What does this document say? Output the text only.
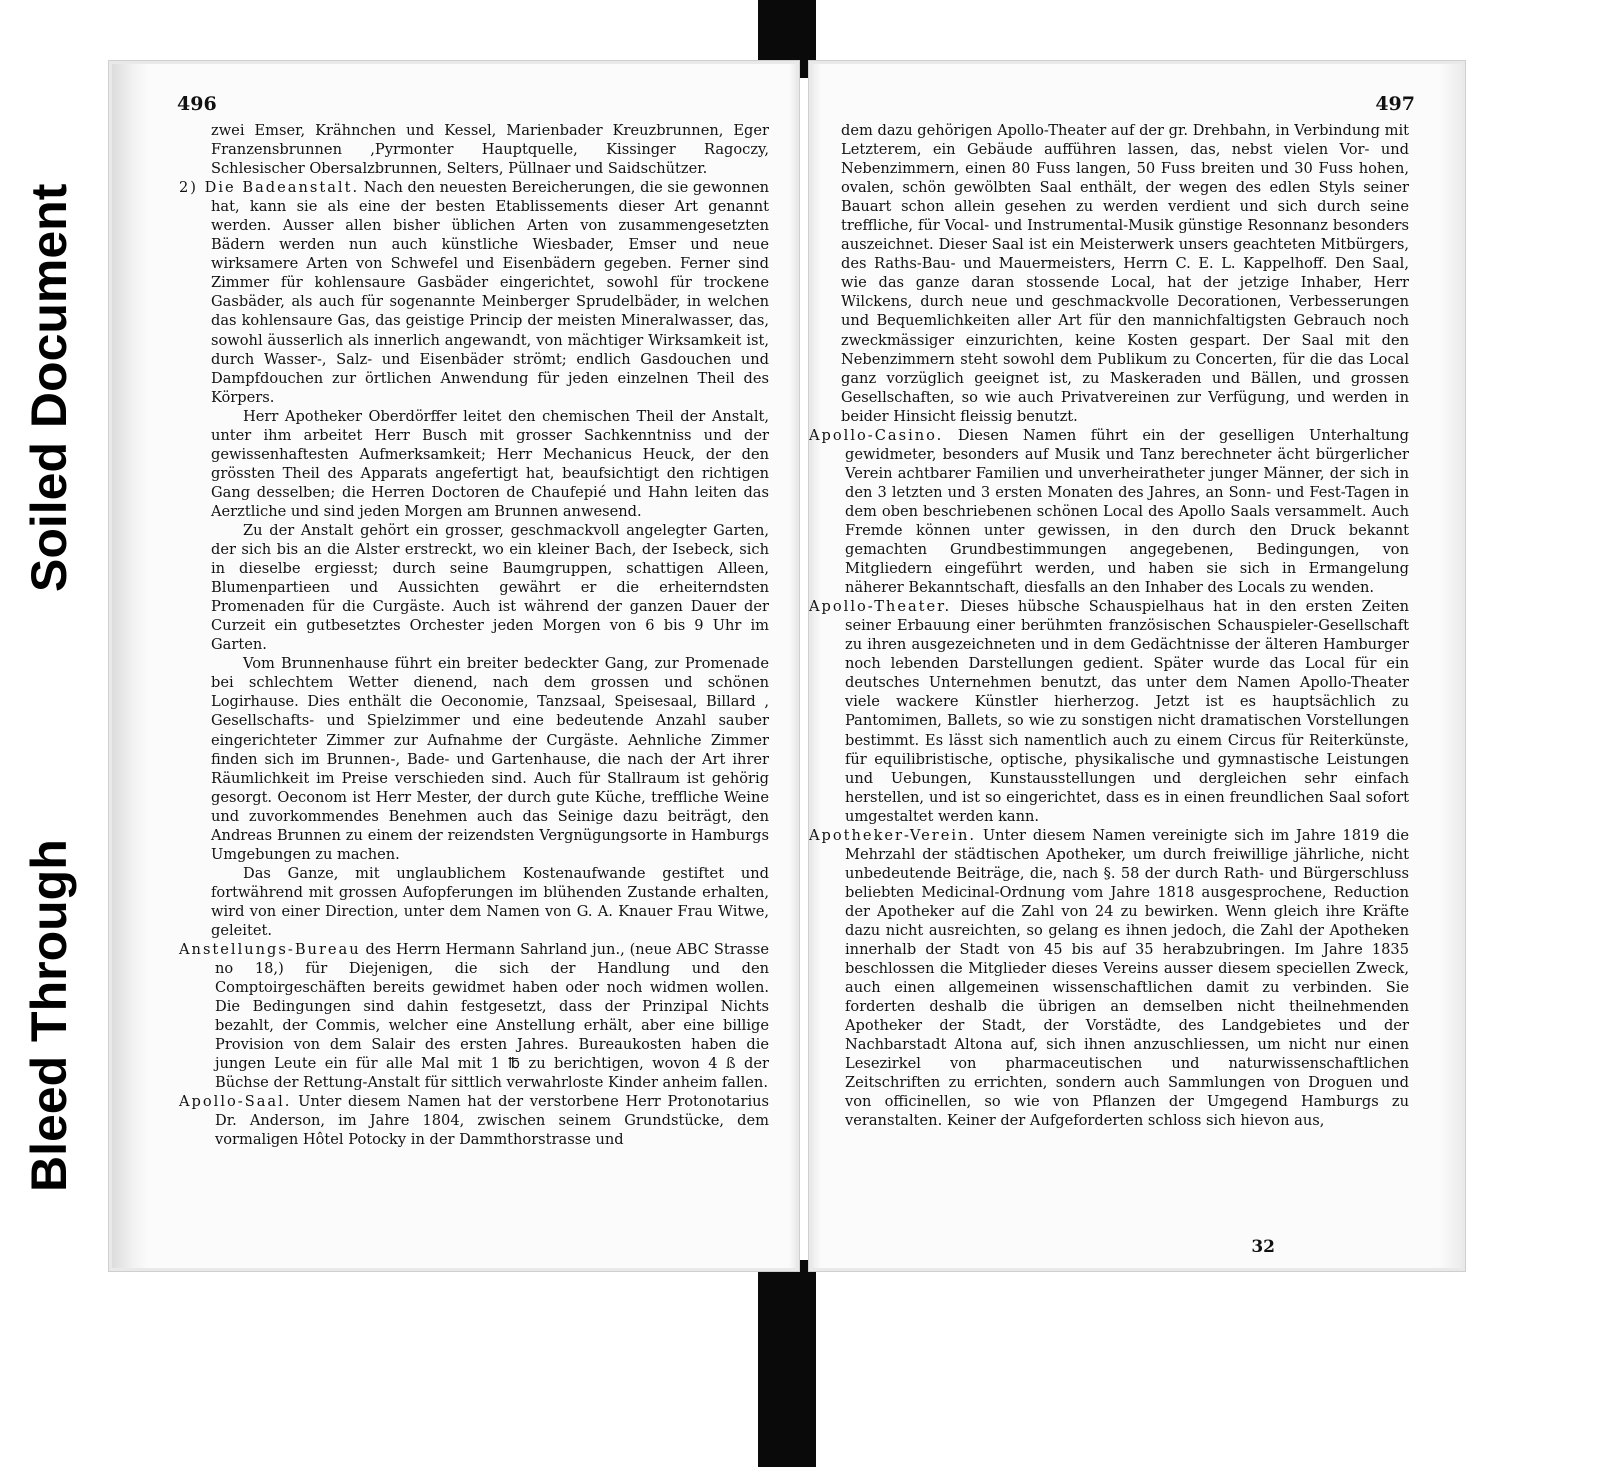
Soiled Document
Bleed Through
496

zwei Emser, Krähnchen und Kessel, Marienbader Kreuzbrunnen, Eger Franzensbrunnen ,Pyrmonter Hauptquelle, Kissinger Ragoczy, Schlesischer Obersalzbrunnen, Selters, Püllnaer und Saidschützer.

2) Die Badeanstalt. Nach den neuesten Bereicherungen, die sie gewonnen hat, kann sie als eine der besten Etablissements dieser Art genannt werden. Ausser allen bisher üblichen Arten von zusammengesetzten Bädern werden nun auch künstliche Wiesbader, Emser und neue wirksamere Arten von Schwefel und Eisenbädern gegeben. Ferner sind Zimmer für kohlensaure Gasbäder eingerichtet, sowohl für trockene Gasbäder, als auch für sogenannte Meinberger Sprudelbäder, in welchen das kohlensaure Gas, das geistige Princip der meisten Mineralwasser, das, sowohl äusserlich als innerlich angewandt, von mächtiger Wirksamkeit ist, durch Wasser-, Salz- und Eisenbäder strömt; endlich Gasdouchen und Dampfdouchen zur örtlichen Anwendung für jeden einzelnen Theil des Körpers.

Herr Apotheker Oberdörffer leitet den chemischen Theil der Anstalt, unter ihm arbeitet Herr Busch mit grosser Sachkenntniss und der gewissenhaftesten Aufmerksamkeit; Herr Mechanicus Heuck, der den grössten Theil des Apparats angefertigt hat, beaufsichtigt den richtigen Gang desselben; die Herren Doctoren de Chaufepié und Hahn leiten das Aerztliche und sind jeden Morgen am Brunnen anwesend.

Zu der Anstalt gehört ein grosser, geschmackvoll angelegter Garten, der sich bis an die Alster erstreckt, wo ein kleiner Bach, der Isebeck, sich in dieselbe ergiesst; durch seine Baumgruppen, schattigen Alleen, Blumenpartieen und Aussichten gewährt er die erheiterndsten Promenaden für die Curgäste. Auch ist während der ganzen Dauer der Curzeit ein gutbesetztes Orchester jeden Morgen von 6 bis 9 Uhr im Garten.

Vom Brunnenhause führt ein breiter bedeckter Gang, zur Promenade bei schlechtem Wetter dienend, nach dem grossen und schönen Logirhause. Dies enthält die Oeconomie, Tanzsaal, Speisesaal, Billard , Gesellschafts- und Spielzimmer und eine bedeutende Anzahl sauber eingerichteter Zimmer zur Aufnahme der Curgäste. Aehnliche Zimmer finden sich im Brunnen-, Bade- und Gartenhause, die nach der Art ihrer Räumlichkeit im Preise verschieden sind. Auch für Stallraum ist gehörig gesorgt. Oeconom ist Herr Mester, der durch gute Küche, treffliche Weine und zuvorkommendes Benehmen auch das Seinige dazu beiträgt, den Andreas Brunnen zu einem der reizendsten Vergnügungsorte in Hamburgs Umgebungen zu machen.

Das Ganze, mit unglaublichem Kostenaufwande gestiftet und fortwährend mit grossen Aufopferungen im blühenden Zustande erhalten, wird von einer Direction, unter dem Namen von G. A. Knauer Frau Witwe, geleitet.

Anstellungs-Bureau des Herrn Hermann Sahrland jun., (neue ABC Strasse no 18,) für Diejenigen, die sich der Handlung und den Comptoirgeschäften bereits gewidmet haben oder noch widmen wollen. Die Bedingungen sind dahin festgesetzt, dass der Prinzipal Nichts bezahlt, der Commis, welcher eine Anstellung erhält, aber eine billige Provision von dem Salair des ersten Jahres. Bureaukosten haben die jungen Leute ein für alle Mal mit 1 ℔ zu berichtigen, wovon 4 ß der Büchse der Rettung-Anstalt für sittlich verwahrloste Kinder anheim fallen.

Apollo-Saal. Unter diesem Namen hat der verstorbene Herr Protonotarius Dr. Anderson, im Jahre 1804, zwischen seinem Grundstücke, dem vormaligen Hôtel Potocky in der Dammthorstrasse und

497

dem dazu gehörigen Apollo-Theater auf der gr. Drehbahn, in Verbindung mit Letzterem, ein Gebäude aufführen lassen, das, nebst vielen Vor- und Nebenzimmern, einen 80 Fuss langen, 50 Fuss breiten und 30 Fuss hohen, ovalen, schön gewölbten Saal enthält, der wegen des edlen Styls seiner Bauart schon allein gesehen zu werden verdient und sich durch seine treffliche, für Vocal- und Instrumental-Musik günstige Resonnanz besonders auszeichnet. Dieser Saal ist ein Meisterwerk unsers geachteten Mitbürgers, des Raths-Bau- und Mauermeisters, Herrn C. E. L. Kappelhoff. Den Saal, wie das ganze daran stossende Local, hat der jetzige Inhaber, Herr Wilckens, durch neue und geschmackvolle Decorationen, Verbesserungen und Bequemlichkeiten aller Art für den mannichfaltigsten Gebrauch noch zweckmässiger einzurichten, keine Kosten gespart. Der Saal mit den Nebenzimmern steht sowohl dem Publikum zu Concerten, für die das Local ganz vorzüglich geeignet ist, zu Maskeraden und Bällen, und grossen Gesellschaften, so wie auch Privatvereinen zur Verfügung, und werden in beider Hinsicht fleissig benutzt.

Apollo-Casino. Diesen Namen führt ein der geselligen Unterhaltung gewidmeter, besonders auf Musik und Tanz berechneter ächt bürgerlicher Verein achtbarer Familien und unverheiratheter junger Männer, der sich in den 3 letzten und 3 ersten Monaten des Jahres, an Sonn- und Fest-Tagen in dem oben beschriebenen schönen Local des Apollo Saals versammelt. Auch Fremde können unter gewissen, in den durch den Druck bekannt gemachten Grundbestimmungen angegebenen, Bedingungen, von Mitgliedern eingeführt werden, und haben sie sich in Ermangelung näherer Bekanntschaft, diesfalls an den Inhaber des Locals zu wenden.

Apollo-Theater. Dieses hübsche Schauspielhaus hat in den ersten Zeiten seiner Erbauung einer berühmten französischen Schauspieler-Gesellschaft zu ihren ausgezeichneten und in dem Gedächtnisse der älteren Hamburger noch lebenden Darstellungen gedient. Später wurde das Local für ein deutsches Unternehmen benutzt, das unter dem Namen Apollo-Theater viele wackere Künstler hierherzog. Jetzt ist es hauptsächlich zu Pantomimen, Ballets, so wie zu sonstigen nicht dramatischen Vorstellungen bestimmt. Es lässt sich namentlich auch zu einem Circus für Reiterkünste, für equilibristische, optische, physikalische und gymnastische Leistungen und Uebungen, Kunstausstellungen und dergleichen sehr einfach herstellen, und ist so eingerichtet, dass es in einen freundlichen Saal sofort umgestaltet werden kann.

Apotheker-Verein. Unter diesem Namen vereinigte sich im Jahre 1819 die Mehrzahl der städtischen Apotheker, um durch freiwillige jährliche, nicht unbedeutende Beiträge, die, nach §. 58 der durch Rath- und Bürgerschluss beliebten Medicinal-Ordnung vom Jahre 1818 ausgesprochene, Reduction der Apotheker auf die Zahl von 24 zu bewirken. Wenn gleich ihre Kräfte dazu nicht ausreichten, so gelang es ihnen jedoch, die Zahl der Apotheken innerhalb der Stadt von 45 bis auf 35 herabzubringen. Im Jahre 1835 beschlossen die Mitglieder dieses Vereins ausser diesem speciellen Zweck, auch einen allgemeinen wissenschaftlichen damit zu verbinden. Sie forderten deshalb die übrigen an demselben nicht theilnehmenden Apotheker der Stadt, der Vorstädte, des Landgebietes und der Nachbarstadt Altona auf, sich ihnen anzuschliessen, um nicht nur einen Lesezirkel von pharmaceutischen und naturwissenschaftlichen Zeitschriften zu errichten, sondern auch Sammlungen von Droguen und von officinellen, so wie von Pflanzen der Umgegend Hamburgs zu veranstalten. Keiner der Aufgeforderten schloss sich hievon aus,

32
